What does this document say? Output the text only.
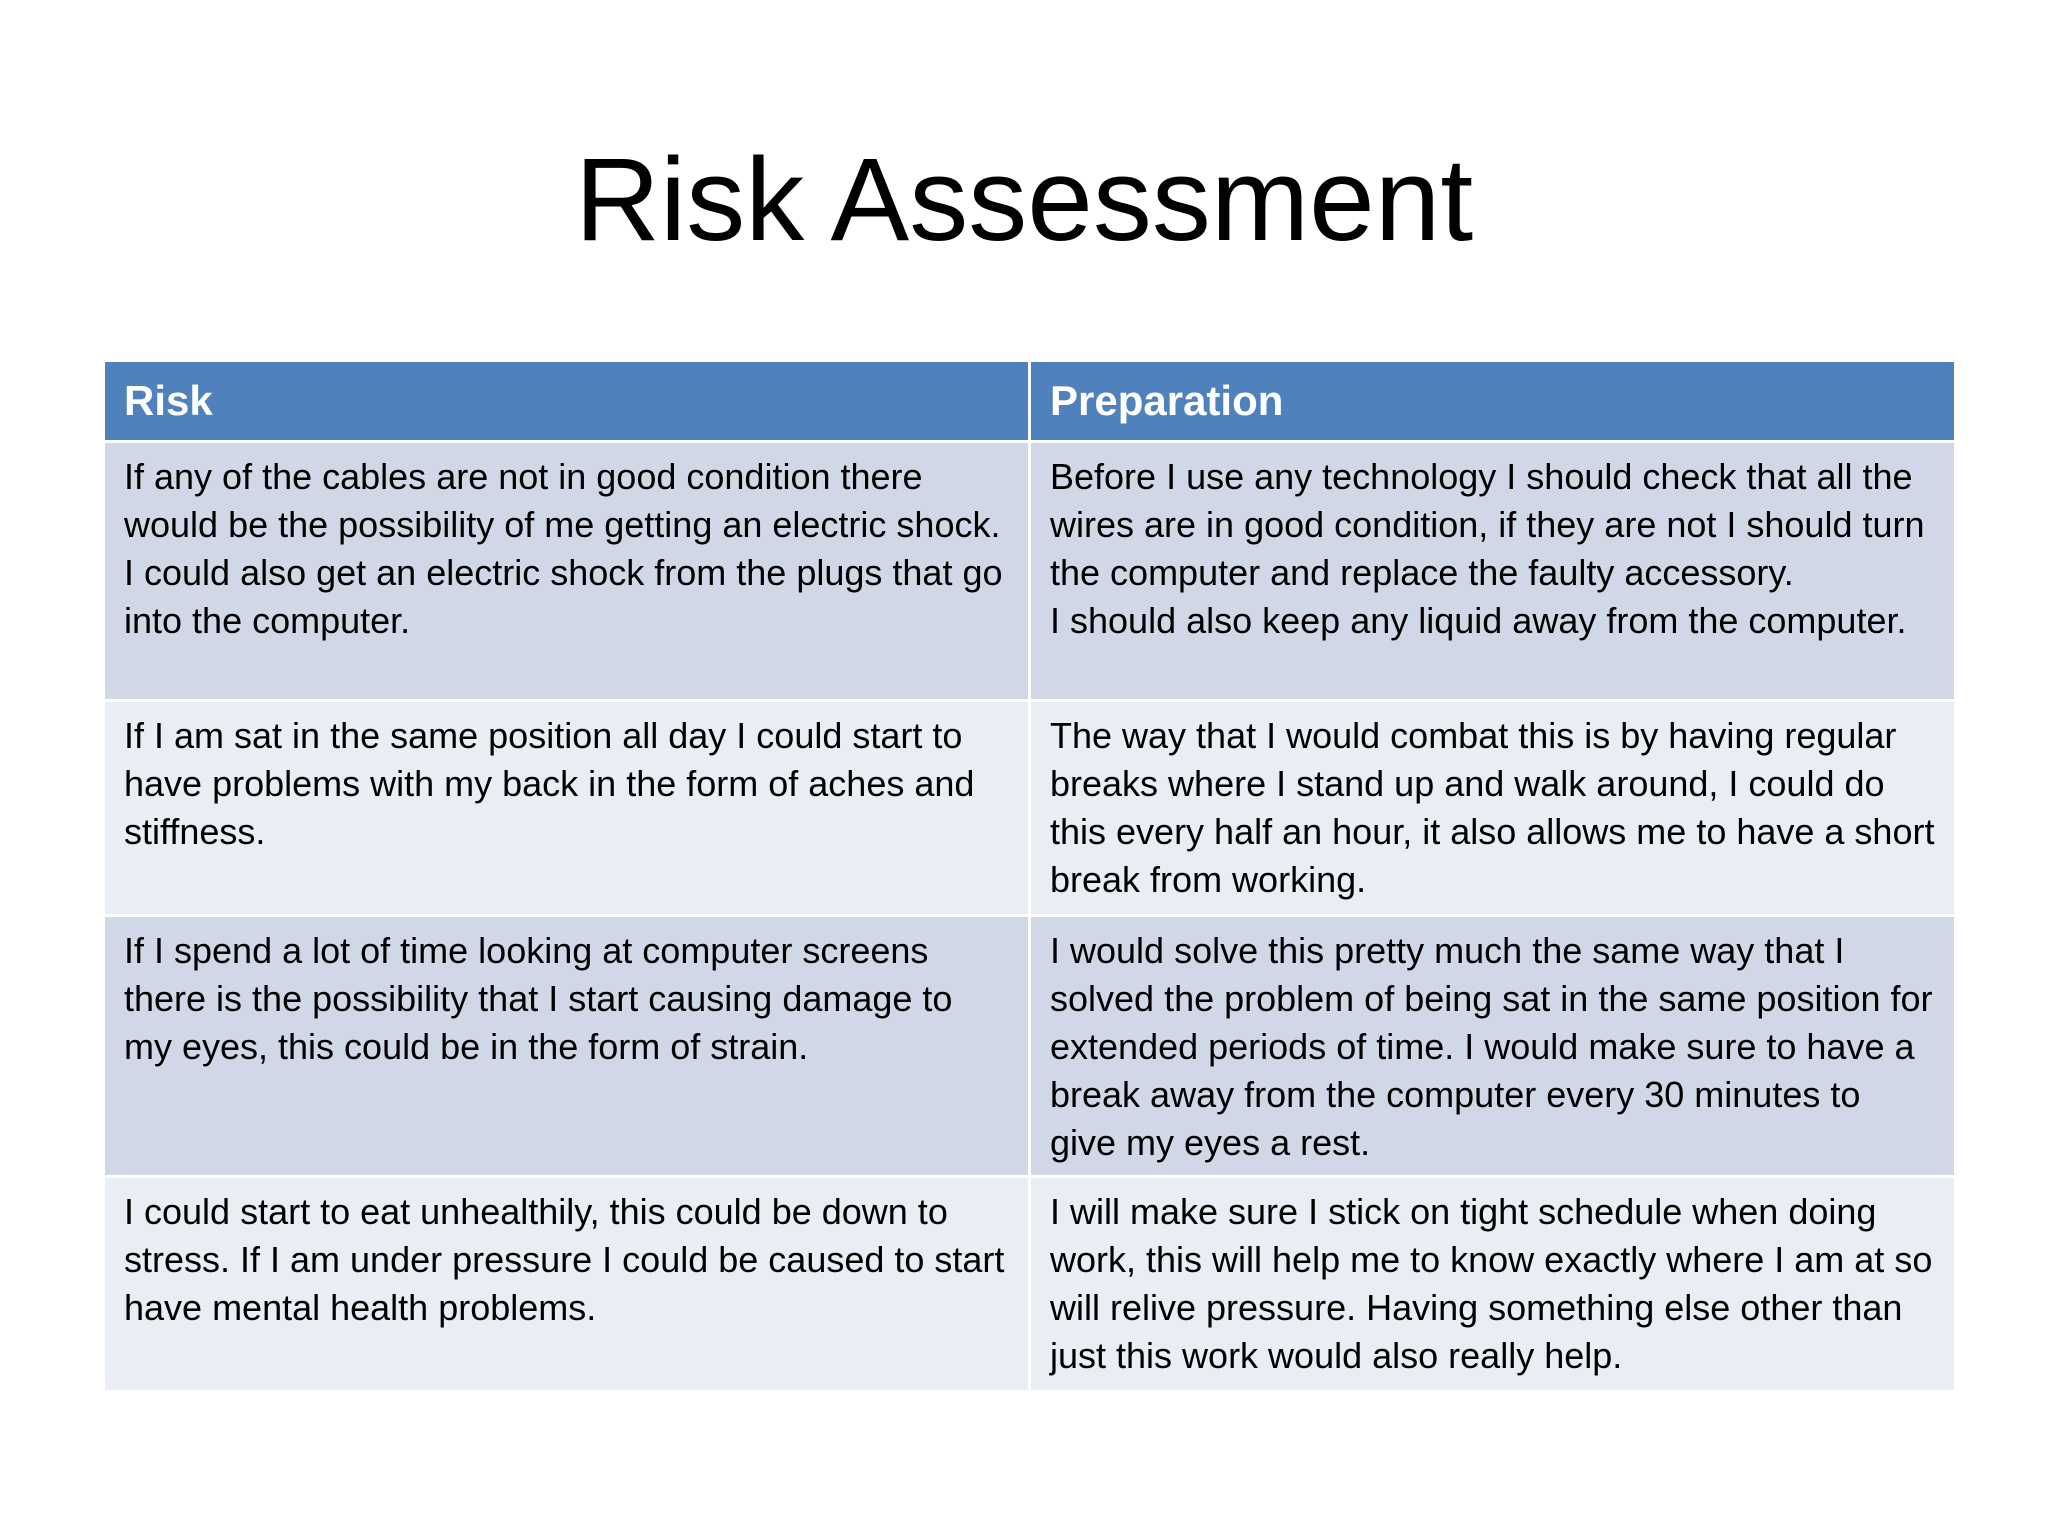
Risk Assessment
Risk	Preparation
If any of the cables are not in good condition there would be the possibility of me getting an electric shock.
I could also get an electric shock from the plugs that go into the computer.
Before I use any technology I should check that all the wires are in good condition, if they are not I should turn the computer and replace the faulty accessory.
I should also keep any liquid away from the computer.
If I am sat in the same position all day I could start to have problems with my back in the form of aches and stiffness.
The way that I would combat this is by having regular breaks where I stand up and walk around, I could do this every half an hour, it also allows me to have a short break from working.
If I spend a lot of time looking at computer screens there is the possibility that I start causing damage to my eyes, this could be in the form of strain.
I would solve this pretty much the same way that I solved the problem of being sat in the same position for extended periods of time. I would make sure to have a break away from the computer every 30 minutes to give my eyes a rest.
I could start to eat unhealthily, this could be down to stress. If I am under pressure I could be caused to start have mental health problems.
I will make sure I stick on tight schedule when doing work, this will help me to know exactly where I am at so will relive pressure. Having something else other than just this work would also really help.
